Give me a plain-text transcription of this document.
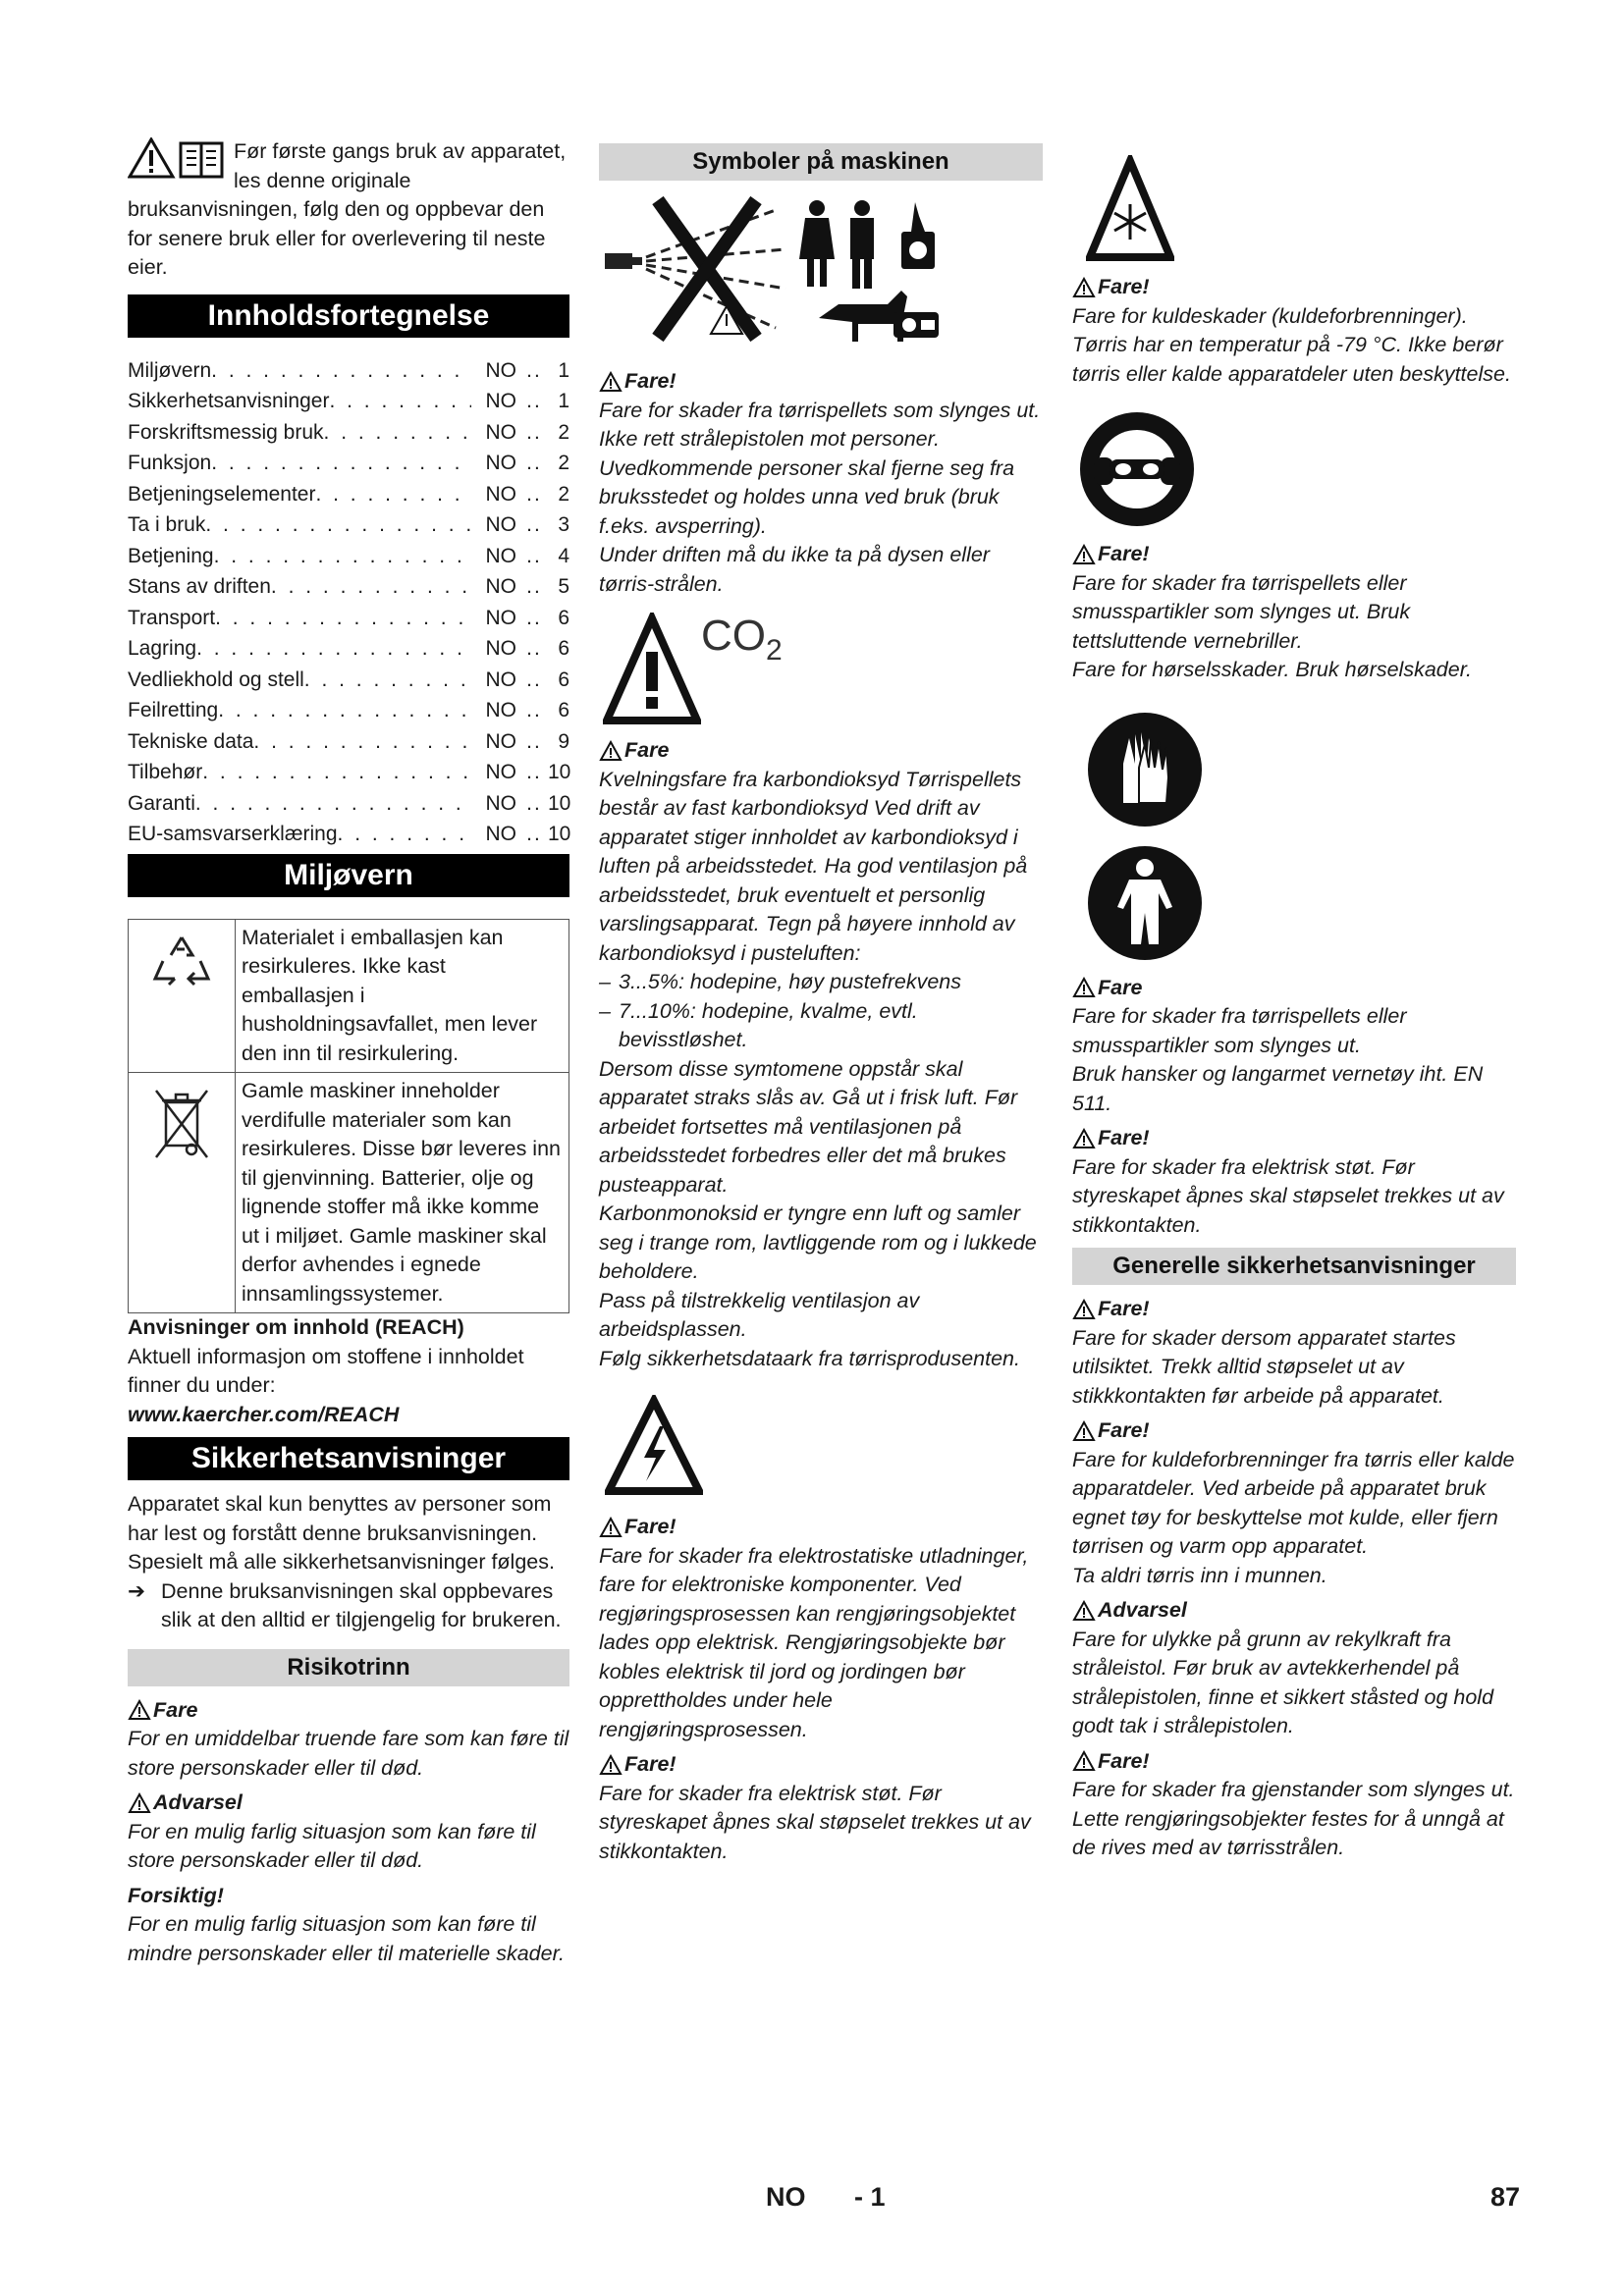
Før første gangs bruk av apparatet, les denne originale bruksanvisningen, følg den og oppbevar den for senere bruk eller for overlevering til neste eier.

Innholdsfortegnelse
Miljøvern . . .	NO .. 1
Sikkerhetsanvisninger . . .	NO .. 1
Forskriftsmessig bruk . . .	NO .. 2
Funksjon . . .	NO .. 2
Betjeningselementer . . .	NO .. 2
Ta i bruk . . .	NO .. 3
Betjening . . .	NO .. 4
Stans av driften . . .	NO .. 5
Transport . . .	NO .. 6
Lagring . . .	NO .. 6
Vedliekhold og stell . . .	NO .. 6
Feilretting . . .	NO .. 6
Tekniske data . . .	NO .. 9
Tilbehør . . .	NO .. 10
Garanti . . .	NO .. 10
EU-samsvarserklæring . . .	NO .. 10
Miljøvern
	Materialet i emballasjen kan resirkuleres. Ikke kast emballasjen i husholdningsavfallet, men lever den inn til resirkulering.
	Gamle maskiner inneholder verdifulle materialer som kan resirkuleres. Disse bør leveres inn til gjenvinning. Batterier, olje og lignende stoffer må ikke komme ut i miljøet. Gamle maskiner skal derfor avhendes i egnede innsamlingssystemer.

Anvisninger om innhold (REACH)

Aktuell informasjon om stoffene i innholdet finner du under:

www.kaercher.com/REACH

Sikkerhetsanvisninger

Apparatet skal kun benyttes av personer som har lest og forstått denne bruksanvisningen. Spesielt må alle sikkerhetsanvisninger følges.

➔ Denne bruksanvisningen skal oppbevares slik at den alltid er tilgjengelig for brukeren.
Risikotrinn
Fare

For en umiddelbar truende fare som kan føre til store personskader eller til død.

Advarsel

For en mulig farlig situasjon som kan føre til store personskader eller til død.

Forsiktig!

For en mulig farlig situasjon som kan føre til mindre personskader eller til materielle skader.

Symboler på maskinen
Fare!

Fare for skader fra tørrispellets som slynges ut. Ikke rett strålepistolen mot personer. Uvedkommende personer skal fjerne seg fra bruksstedet og holdes unna ved bruk (bruk f.eks. avsperring).

Under driften må du ikke ta på dysen eller tørris-strålen.

$CO_2$
Fare

Kvelningsfare fra karbondioksyd Tørrispellets består av fast karbondioksyd Ved drift av apparatet stiger innholdet av karbondioksyd i luften på arbeidsstedet. Ha god ventilasjon på arbeidsstedet, bruk eventuelt et personlig varslingsapparat. Tegn på høyere innhold av karbondioksyd i pusteluften:

– 3...5%: hodepine, høy pustefrekvens
– 7...10%: hodepine, kvalme, evtl. bevisstløshet.

Dersom disse symtomene oppstår skal apparatet straks slås av. Gå ut i frisk luft. Før arbeidet fortsettes må ventilasjonen på arbeidsstedet forbedres eller det må brukes pusteapparat.

Karbonmonoksid er tyngre enn luft og samler seg i trange rom, lavtliggende rom og i lukkede beholdere.

Pass på tilstrekkelig ventilasjon av arbeidsplassen.

Følg sikkerhetsdataark fra tørrisprodusenten.

Fare!

Fare for skader fra elektrostatiske utladninger, fare for elektroniske komponenter. Ved regjøringsprosessen kan rengjøringsobjektet lades opp elektrisk. Rengjøringsobjekte bør kobles elektrisk til jord og jordingen bør opprettholdes under hele rengjøringsprosessen.

Fare!

Fare for skader fra elektrisk støt. Før styreskapet åpnes skal støpselet trekkes ut av stikkontakten.

Fare!

Fare for kuldeskader (kuldeforbrenninger). Tørris har en temperatur på -79 °C. Ikke berør tørris eller kalde apparatdeler uten beskyttelse.

Fare!

Fare for skader fra tørrispellets eller smusspartikler som slynges ut. Bruk tettsluttende vernebriller.

Fare for hørselsskader. Bruk hørselskader.

Fare

Fare for skader fra tørrispellets eller smusspartikler som slynges ut.

Bruk hansker og langarmet vernetøy iht. EN 511.

Fare!

Fare for skader fra elektrisk støt. Før styreskapet åpnes skal støpselet trekkes ut av stikkontakten.

Generelle sikkerhetsanvisninger
Fare!

Fare for skader dersom apparatet startes utilsiktet. Trekk alltid støpselet ut av stikkkontakten før arbeide på apparatet.

Fare!

Fare for kuldeforbrenninger fra tørris eller kalde apparatdeler. Ved arbeide på apparatet bruk egnet tøy for beskyttelse mot kulde, eller fjern tørrisen og varm opp apparatet.

Ta aldri tørris inn i munnen.

Advarsel

Fare for ulykke på grunn av rekylkraft fra stråleistol. Før bruk av avtekkerhendel på strålepistolen, finne et sikkert ståsted og hold godt tak i strålepistolen.

Fare!

Fare for skader fra gjenstander som slynges ut. Lette rengjøringsobjekter festes for å unngå at de rives med av tørrisstrålen.

NO - 1	87
